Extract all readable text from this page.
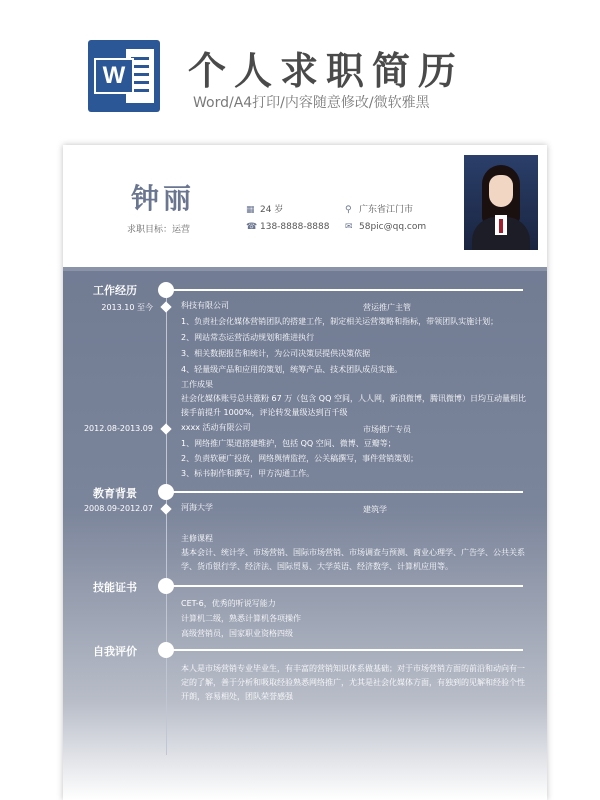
W 个人求职简历
Word/A4打印/内容随意修改/微软雅黑
钟丽
求职目标：运营
▦ 24 岁	⚲ 广东省江门市
☎ 138-8888-8888 ✉ 58pic@qq.com
工作经历
2013.10 至今	科技有限公司	营运推广主管
1、负责社会化媒体营销团队的搭建工作，制定相关运营策略和指标，带领团队实施计划；
2、网站常态运营活动规划和推进执行
3、相关数据报告和统计，为公司决策层提供决策依据
4、轻量级产品和应用的策划，统筹产品、技术团队成员实施。
工作成果
社会化媒体账号总共涨粉 67 万（包含 QQ 空间，人人网，新浪微博，腾讯微博）日均互动量相比接手前提升 1000%，评论转发量级达到百千级
2012.08-2013.09	xxxx 活动有限公司	市场推广专员
1、网络推广渠道搭建维护，包括 QQ 空间、微博、豆瓣等；
2、负责软硬广投放，网络舆情监控，公关稿撰写，事件营销策划；
3、标书制作和撰写，甲方沟通工作。
教育背景
2008.09-2012.07	河海大学	建筑学
主修课程
基本会计、统计学、市场营销、国际市场营销、市场调查与预测、商业心理学、广告学、公共关系学、货币银行学、经济法、国际贸易、大学英语、经济数学、计算机应用等。
技能证书
CET-6，优秀的听说写能力
计算机二级，熟悉计算机各项操作
高级营销员，国家职业资格四级
自我评价
本人是市场营销专业毕业生，有丰富的营销知识体系做基础；对于市场营销方面的前沿和动向有一定的了解，善于分析和吸取经验熟悉网络推广，尤其是社会化媒体方面，有独到的见解和经验个性开朗，容易相处，团队荣誉感强
